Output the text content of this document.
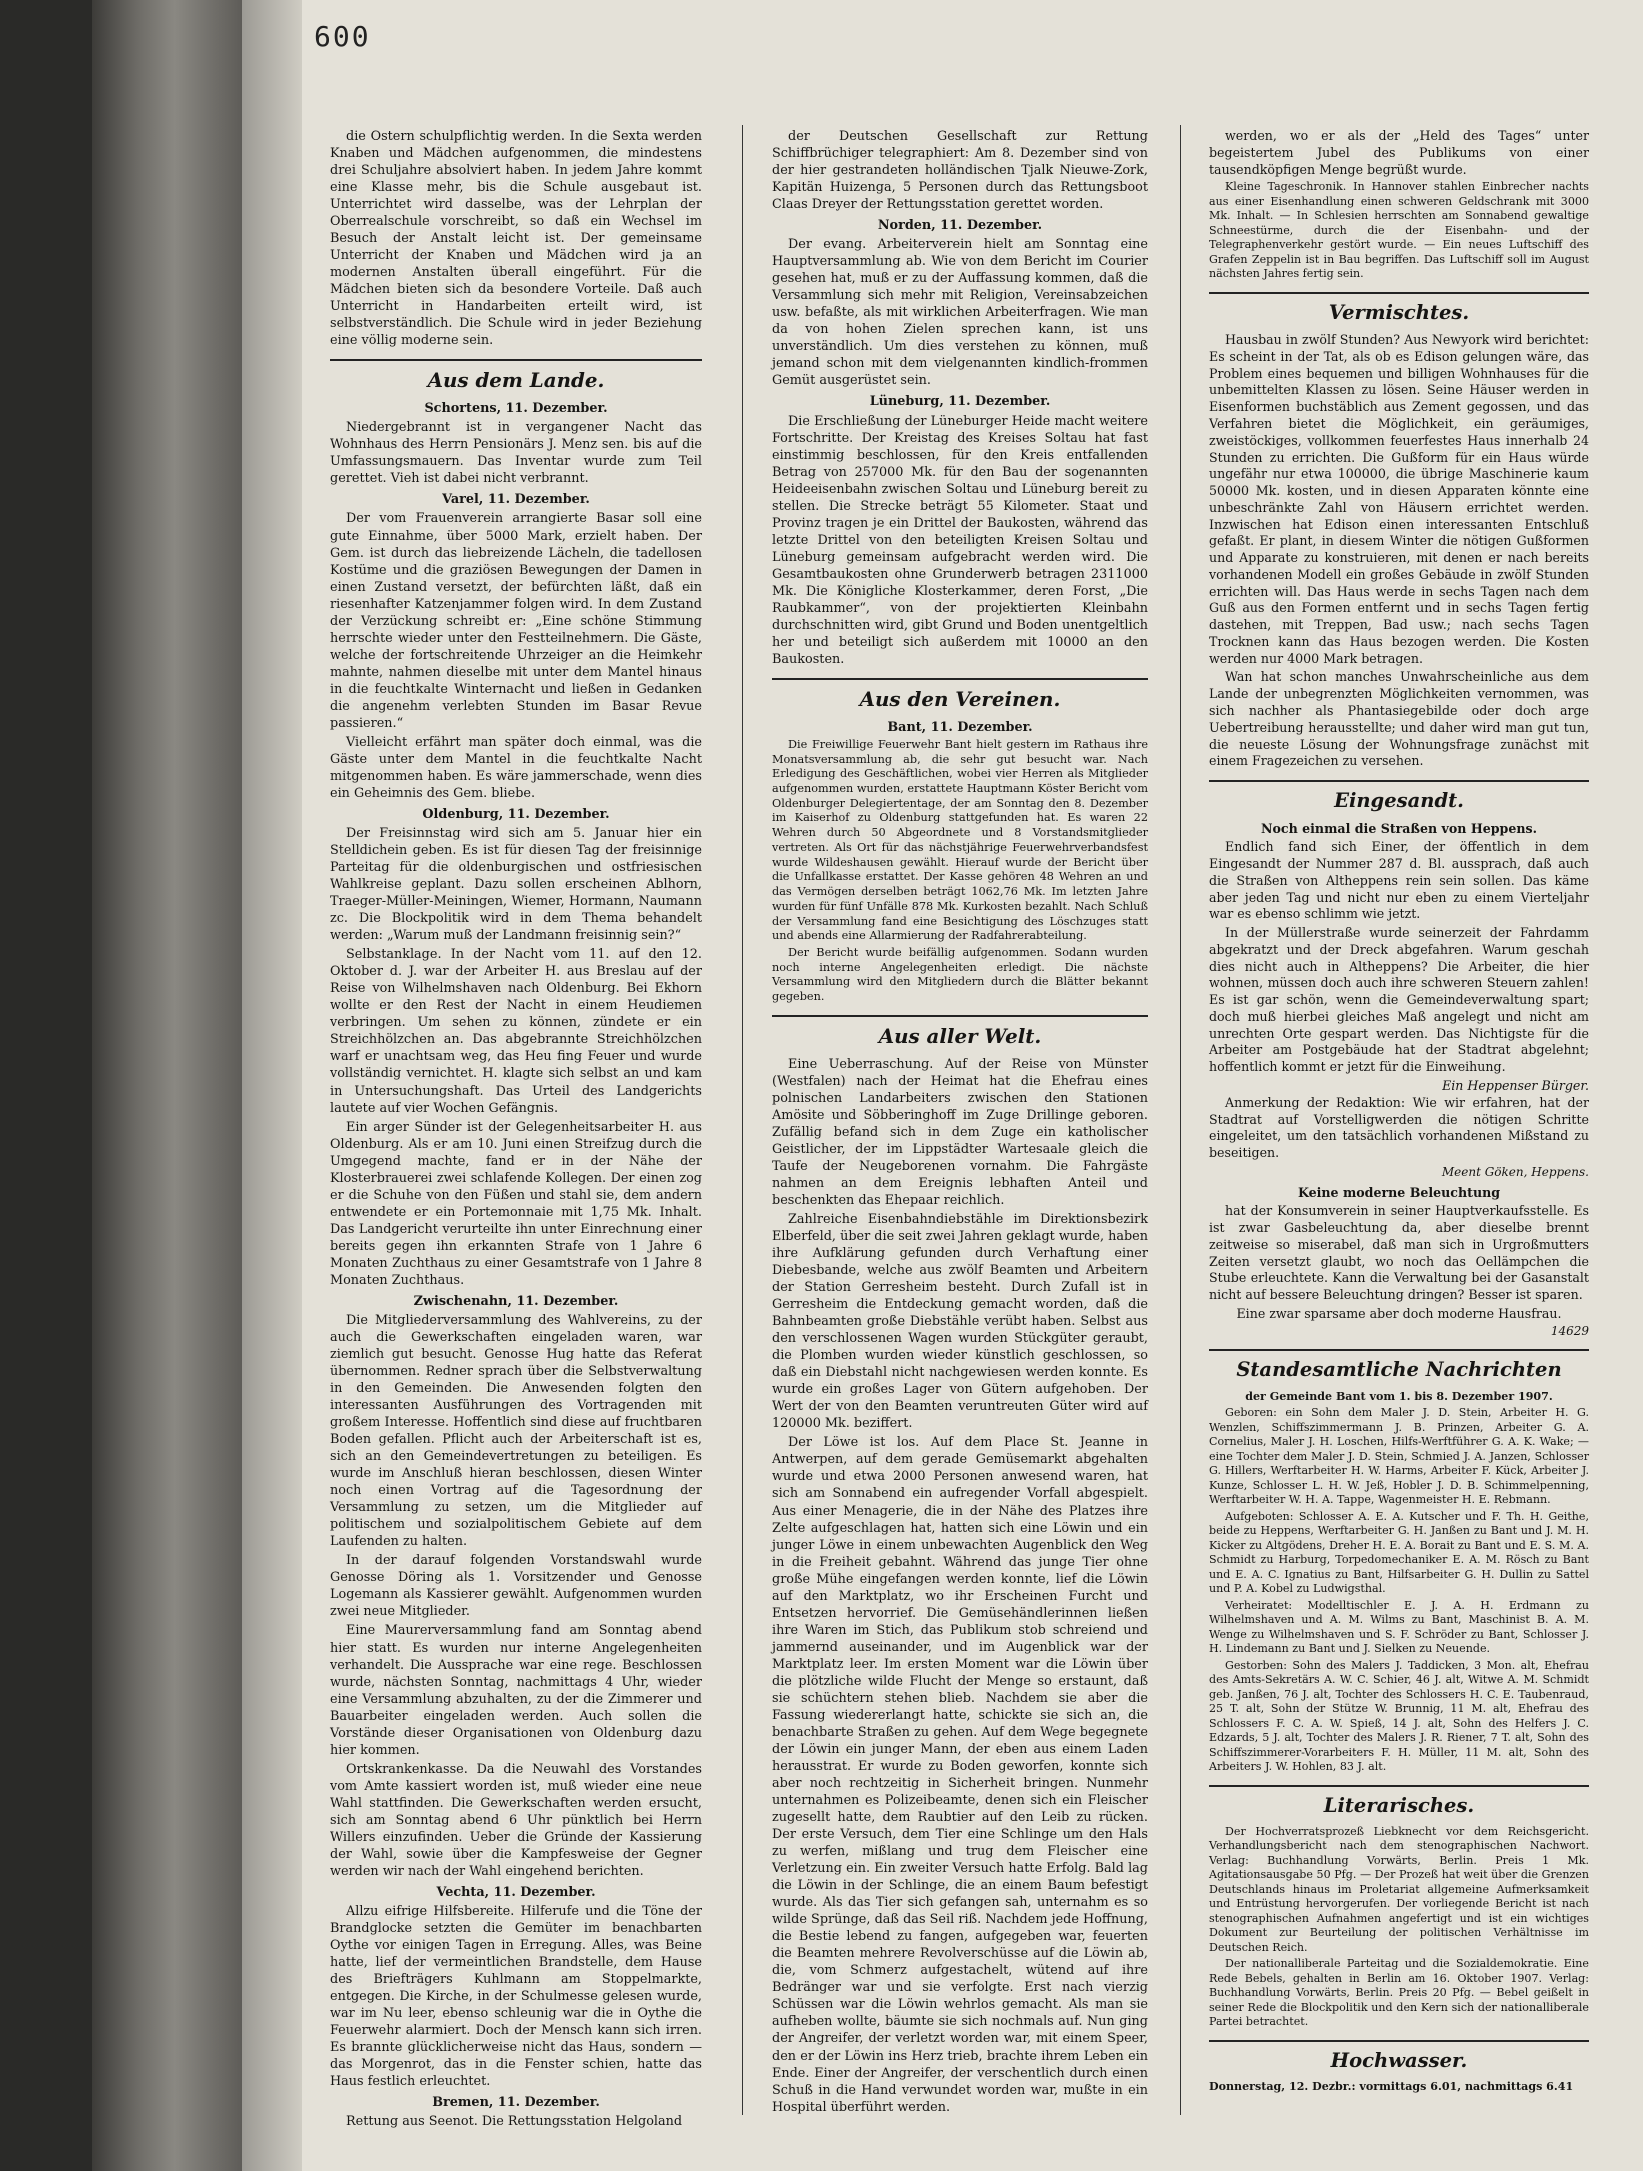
600

die Ostern schulpflichtig werden. In die Sexta werden Knaben und Mädchen aufgenommen, die mindestens drei Schuljahre absolviert haben. In jedem Jahre kommt eine Klasse mehr, bis die Schule ausgebaut ist. Unterrichtet wird dasselbe, was der Lehrplan der Oberrealschule vorschreibt, so daß ein Wechsel im Besuch der Anstalt leicht ist. Der gemeinsame Unterricht der Knaben und Mädchen wird ja an modernen Anstalten überall eingeführt. Für die Mädchen bieten sich da besondere Vorteile. Daß auch Unterricht in Handarbeiten erteilt wird, ist selbstverständlich. Die Schule wird in jeder Beziehung eine völlig moderne sein.

Aus dem Lande.
Schortens, 11. Dezember.

Niedergebrannt ist in vergangener Nacht das Wohnhaus des Herrn Pensionärs J. Menz sen. bis auf die Umfassungsmauern. Das Inventar wurde zum Teil gerettet. Vieh ist dabei nicht verbrannt.

Varel, 11. Dezember.

Der vom Frauenverein arrangierte Basar soll eine gute Einnahme, über 5000 Mark, erzielt haben. Der Gem. ist durch das liebreizende Lächeln, die tadellosen Kostüme und die graziösen Bewegungen der Damen in einen Zustand versetzt, der befürchten läßt, daß ein riesenhafter Katzenjammer folgen wird. In dem Zustand der Verzückung schreibt er: „Eine schöne Stimmung herrschte wieder unter den Festteilnehmern. Die Gäste, welche der fortschreitende Uhrzeiger an die Heimkehr mahnte, nahmen dieselbe mit unter dem Mantel hinaus in die feuchtkalte Winternacht und ließen in Gedanken die angenehm verlebten Stunden im Basar Revue passieren.“

Vielleicht erfährt man später doch einmal, was die Gäste unter dem Mantel in die feuchtkalte Nacht mitgenommen haben. Es wäre jammerschade, wenn dies ein Geheimnis des Gem. bliebe.

Oldenburg, 11. Dezember.

Der Freisinnstag wird sich am 5. Januar hier ein Stelldichein geben. Es ist für diesen Tag der freisinnige Parteitag für die oldenburgischen und ostfriesischen Wahlkreise geplant. Dazu sollen erscheinen Ablhorn, Traeger-Müller-Meiningen, Wiemer, Hormann, Naumann zc. Die Blockpolitik wird in dem Thema behandelt werden: „Warum muß der Landmann freisinnig sein?“

Selbstanklage. In der Nacht vom 11. auf den 12. Oktober d. J. war der Arbeiter H. aus Breslau auf der Reise von Wilhelmshaven nach Oldenburg. Bei Ekhorn wollte er den Rest der Nacht in einem Heudiemen verbringen. Um sehen zu können, zündete er ein Streichhölzchen an. Das abgebrannte Streichhölzchen warf er unachtsam weg, das Heu fing Feuer und wurde vollständig vernichtet. H. klagte sich selbst an und kam in Untersuchungshaft. Das Urteil des Landgerichts lautete auf vier Wochen Gefängnis.

Ein arger Sünder ist der Gelegenheitsarbeiter H. aus Oldenburg. Als er am 10. Juni einen Streifzug durch die Umgegend machte, fand er in der Nähe der Klosterbrauerei zwei schlafende Kollegen. Der einen zog er die Schuhe von den Füßen und stahl sie, dem andern entwendete er ein Portemonnaie mit 1,75 Mk. Inhalt. Das Landgericht verurteilte ihn unter Einrechnung einer bereits gegen ihn erkannten Strafe von 1 Jahre 6 Monaten Zuchthaus zu einer Gesamtstrafe von 1 Jahre 8 Monaten Zuchthaus.

Zwischenahn, 11. Dezember.

Die Mitgliederversammlung des Wahlvereins, zu der auch die Gewerkschaften eingeladen waren, war ziemlich gut besucht. Genosse Hug hatte das Referat übernommen. Redner sprach über die Selbstverwaltung in den Gemeinden. Die Anwesenden folgten den interessanten Ausführungen des Vortragenden mit großem Interesse. Hoffentlich sind diese auf fruchtbaren Boden gefallen. Pflicht auch der Arbeiterschaft ist es, sich an den Gemeindevertretungen zu beteiligen. Es wurde im Anschluß hieran beschlossen, diesen Winter noch einen Vortrag auf die Tagesordnung der Versammlung zu setzen, um die Mitglieder auf politischem und sozialpolitischem Gebiete auf dem Laufenden zu halten.

In der darauf folgenden Vorstandswahl wurde Genosse Döring als 1. Vorsitzender und Genosse Logemann als Kassierer gewählt. Aufgenommen wurden zwei neue Mitglieder.

Eine Maurerversammlung fand am Sonntag abend hier statt. Es wurden nur interne Angelegenheiten verhandelt. Die Aussprache war eine rege. Beschlossen wurde, nächsten Sonntag, nachmittags 4 Uhr, wieder eine Versammlung abzuhalten, zu der die Zimmerer und Bauarbeiter eingeladen werden. Auch sollen die Vorstände dieser Organisationen von Oldenburg dazu hier kommen.

Ortskrankenkasse. Da die Neuwahl des Vorstandes vom Amte kassiert worden ist, muß wieder eine neue Wahl stattfinden. Die Gewerkschaften werden ersucht, sich am Sonntag abend 6 Uhr pünktlich bei Herrn Willers einzufinden. Ueber die Gründe der Kassierung der Wahl, sowie über die Kampfesweise der Gegner werden wir nach der Wahl eingehend berichten.

Vechta, 11. Dezember.

Allzu eifrige Hilfsbereite. Hilferufe und die Töne der Brandglocke setzten die Gemüter im benachbarten Oythe vor einigen Tagen in Erregung. Alles, was Beine hatte, lief der vermeintlichen Brandstelle, dem Hause des Briefträgers Kuhlmann am Stoppelmarkte, entgegen. Die Kirche, in der Schulmesse gelesen wurde, war im Nu leer, ebenso schleunig war die in Oythe die Feuerwehr alarmiert. Doch der Mensch kann sich irren. Es brannte glücklicherweise nicht das Haus, sondern — das Morgenrot, das in die Fenster schien, hatte das Haus festlich erleuchtet.

Bremen, 11. Dezember.

Rettung aus Seenot. Die Rettungsstation Helgoland

der Deutschen Gesellschaft zur Rettung Schiffbrüchiger telegraphiert: Am 8. Dezember sind von der hier gestrandeten holländischen Tjalk Nieuwe-Zork, Kapitän Huizenga, 5 Personen durch das Rettungsboot Claas Dreyer der Rettungsstation gerettet worden.

Norden, 11. Dezember.

Der evang. Arbeiterverein hielt am Sonntag eine Hauptversammlung ab. Wie von dem Bericht im Courier gesehen hat, muß er zu der Auffassung kommen, daß die Versammlung sich mehr mit Religion, Vereinsabzeichen usw. befaßte, als mit wirklichen Arbeiterfragen. Wie man da von hohen Zielen sprechen kann, ist uns unverständlich. Um dies verstehen zu können, muß jemand schon mit dem vielgenannten kindlich-frommen Gemüt ausgerüstet sein.

Lüneburg, 11. Dezember.

Die Erschließung der Lüneburger Heide macht weitere Fortschritte. Der Kreistag des Kreises Soltau hat fast einstimmig beschlossen, für den Kreis entfallenden Betrag von 257000 Mk. für den Bau der sogenannten Heideeisenbahn zwischen Soltau und Lüneburg bereit zu stellen. Die Strecke beträgt 55 Kilometer. Staat und Provinz tragen je ein Drittel der Baukosten, während das letzte Drittel von den beteiligten Kreisen Soltau und Lüneburg gemeinsam aufgebracht werden wird. Die Gesamtbaukosten ohne Grunderwerb betragen 2311000 Mk. Die Königliche Klosterkammer, deren Forst, „Die Raubkammer“, von der projektierten Kleinbahn durchschnitten wird, gibt Grund und Boden unentgeltlich her und beteiligt sich außerdem mit 10000 an den Baukosten.

Aus den Vereinen.
Bant, 11. Dezember.

Die Freiwillige Feuerwehr Bant hielt gestern im Rathaus ihre Monatsversammlung ab, die sehr gut besucht war. Nach Erledigung des Geschäftlichen, wobei vier Herren als Mitglieder aufgenommen wurden, erstattete Hauptmann Köster Bericht vom Oldenburger Delegiertentage, der am Sonntag den 8. Dezember im Kaiserhof zu Oldenburg stattgefunden hat. Es waren 22 Wehren durch 50 Abgeordnete und 8 Vorstandsmitglieder vertreten. Als Ort für das nächstjährige Feuerwehrverbandsfest wurde Wildeshausen gewählt. Hierauf wurde der Bericht über die Unfallkasse erstattet. Der Kasse gehören 48 Wehren an und das Vermögen derselben beträgt 1062,76 Mk. Im letzten Jahre wurden für fünf Unfälle 878 Mk. Kurkosten bezahlt. Nach Schluß der Versammlung fand eine Besichtigung des Löschzuges statt und abends eine Allarmierung der Radfahrerabteilung.

Der Bericht wurde beifällig aufgenommen. Sodann wurden noch interne Angelegenheiten erledigt. Die nächste Versammlung wird den Mitgliedern durch die Blätter bekannt gegeben.

Aus aller Welt.

Eine Ueberraschung. Auf der Reise von Münster (Westfalen) nach der Heimat hat die Ehefrau eines polnischen Landarbeiters zwischen den Stationen Amösite und Söbberinghoff im Zuge Drillinge geboren. Zufällig befand sich in dem Zuge ein katholischer Geistlicher, der im Lippstädter Wartesaale gleich die Taufe der Neugeborenen vornahm. Die Fahrgäste nahmen an dem Ereignis lebhaften Anteil und beschenkten das Ehepaar reichlich.

Zahlreiche Eisenbahndiebstähle im Direktionsbezirk Elberfeld, über die seit zwei Jahren geklagt wurde, haben ihre Aufklärung gefunden durch Verhaftung einer Diebesbande, welche aus zwölf Beamten und Arbeitern der Station Gerresheim besteht. Durch Zufall ist in Gerresheim die Entdeckung gemacht worden, daß die Bahnbeamten große Diebstähle verübt haben. Selbst aus den verschlossenen Wagen wurden Stückgüter geraubt, die Plomben wurden wieder künstlich geschlossen, so daß ein Diebstahl nicht nachgewiesen werden konnte. Es wurde ein großes Lager von Gütern aufgehoben. Der Wert der von den Beamten veruntreuten Güter wird auf 120000 Mk. beziffert.

Der Löwe ist los. Auf dem Place St. Jeanne in Antwerpen, auf dem gerade Gemüsemarkt abgehalten wurde und etwa 2000 Personen anwesend waren, hat sich am Sonnabend ein aufregender Vorfall abgespielt. Aus einer Menagerie, die in der Nähe des Platzes ihre Zelte aufgeschlagen hat, hatten sich eine Löwin und ein junger Löwe in einem unbewachten Augenblick den Weg in die Freiheit gebahnt. Während das junge Tier ohne große Mühe eingefangen werden konnte, lief die Löwin auf den Marktplatz, wo ihr Erscheinen Furcht und Entsetzen hervorrief. Die Gemüsehändlerinnen ließen ihre Waren im Stich, das Publikum stob schreiend und jammernd auseinander, und im Augenblick war der Marktplatz leer. Im ersten Moment war die Löwin über die plötzliche wilde Flucht der Menge so erstaunt, daß sie schüchtern stehen blieb. Nachdem sie aber die Fassung wiedererlangt hatte, schickte sie sich an, die benachbarte Straßen zu gehen. Auf dem Wege begegnete der Löwin ein junger Mann, der eben aus einem Laden herausstrat. Er wurde zu Boden geworfen, konnte sich aber noch rechtzeitig in Sicherheit bringen. Nunmehr unternahmen es Polizeibeamte, denen sich ein Fleischer zugesellt hatte, dem Raubtier auf den Leib zu rücken. Der erste Versuch, dem Tier eine Schlinge um den Hals zu werfen, mißlang und trug dem Fleischer eine Verletzung ein. Ein zweiter Versuch hatte Erfolg. Bald lag die Löwin in der Schlinge, die an einem Baum befestigt wurde. Als das Tier sich gefangen sah, unternahm es so wilde Sprünge, daß das Seil riß. Nachdem jede Hoffnung, die Bestie lebend zu fangen, aufgegeben war, feuerten die Beamten mehrere Revolverschüsse auf die Löwin ab, die, vom Schmerz aufgestachelt, wütend auf ihre Bedränger war und sie verfolgte. Erst nach vierzig Schüssen war die Löwin wehrlos gemacht. Als man sie aufheben wollte, bäumte sie sich nochmals auf. Nun ging der Angreifer, der verletzt worden war, mit einem Speer, den er der Löwin ins Herz trieb, brachte ihrem Leben ein Ende. Einer der Angreifer, der verschentlich durch einen Schuß in die Hand verwundet worden war, mußte in ein Hospital überführt werden.

werden, wo er als der „Held des Tages“ unter begeistertem Jubel des Publikums von einer tausendköpfigen Menge begrüßt wurde.

Kleine Tageschronik. In Hannover stahlen Einbrecher nachts aus einer Eisenhandlung einen schweren Geldschrank mit 3000 Mk. Inhalt. — In Schlesien herrschten am Sonnabend gewaltige Schneestürme, durch die der Eisenbahn- und der Telegraphenverkehr gestört wurde. — Ein neues Luftschiff des Grafen Zeppelin ist in Bau begriffen. Das Luftschiff soll im August nächsten Jahres fertig sein.

Vermischtes.

Hausbau in zwölf Stunden? Aus Newyork wird berichtet: Es scheint in der Tat, als ob es Edison gelungen wäre, das Problem eines bequemen und billigen Wohnhauses für die unbemittelten Klassen zu lösen. Seine Häuser werden in Eisenformen buchstäblich aus Zement gegossen, und das Verfahren bietet die Möglichkeit, ein geräumiges, zweistöckiges, vollkommen feuerfestes Haus innerhalb 24 Stunden zu errichten. Die Gußform für ein Haus würde ungefähr nur etwa 100000, die übrige Maschinerie kaum 50000 Mk. kosten, und in diesen Apparaten könnte eine unbeschränkte Zahl von Häusern errichtet werden. Inzwischen hat Edison einen interessanten Entschluß gefaßt. Er plant, in diesem Winter die nötigen Gußformen und Apparate zu konstruieren, mit denen er nach bereits vorhandenen Modell ein großes Gebäude in zwölf Stunden errichten will. Das Haus werde in sechs Tagen nach dem Guß aus den Formen entfernt und in sechs Tagen fertig dastehen, mit Treppen, Bad usw.; nach sechs Tagen Trocknen kann das Haus bezogen werden. Die Kosten werden nur 4000 Mark betragen.

Wan hat schon manches Unwahrscheinliche aus dem Lande der unbegrenzten Möglichkeiten vernommen, was sich nachher als Phantasiegebilde oder doch arge Uebertreibung herausstellte; und daher wird man gut tun, die neueste Lösung der Wohnungsfrage zunächst mit einem Fragezeichen zu versehen.

Eingesandt.
Noch einmal die Straßen von Heppens.

Endlich fand sich Einer, der öffentlich in dem Eingesandt der Nummer 287 d. Bl. aussprach, daß auch die Straßen von Altheppens rein sein sollen. Das käme aber jeden Tag und nicht nur eben zu einem Vierteljahr war es ebenso schlimm wie jetzt.

In der Müllerstraße wurde seinerzeit der Fahrdamm abgekratzt und der Dreck abgefahren. Warum geschah dies nicht auch in Altheppens? Die Arbeiter, die hier wohnen, müssen doch auch ihre schweren Steuern zahlen! Es ist gar schön, wenn die Gemeindeverwaltung spart; doch muß hierbei gleiches Maß angelegt und nicht am unrechten Orte gespart werden. Das Nichtigste für die Arbeiter am Postgebäude hat der Stadtrat abgelehnt; hoffentlich kommt er jetzt für die Einweihung.

Ein Heppenser Bürger.

Anmerkung der Redaktion: Wie wir erfahren, hat der Stadtrat auf Vorstelligwerden die nötigen Schritte eingeleitet, um den tatsächlich vorhandenen Mißstand zu beseitigen.

Meent Göken, Heppens.
Keine moderne Beleuchtung

hat der Konsumverein in seiner Hauptverkaufsstelle. Es ist zwar Gasbeleuchtung da, aber dieselbe brennt zeitweise so miserabel, daß man sich in Urgroßmutters Zeiten versetzt glaubt, wo noch das Oellämpchen die Stube erleuchtete. Kann die Verwaltung bei der Gasanstalt nicht auf bessere Beleuchtung dringen? Besser ist sparen.

Eine zwar sparsame aber doch moderne Hausfrau.
14629
Standesamtliche Nachrichten
der Gemeinde Bant vom 1. bis 8. Dezember 1907.

Geboren: ein Sohn dem Maler J. D. Stein, Arbeiter H. G. Wenzlen, Schiffszimmermann J. B. Prinzen, Arbeiter G. A. Cornelius, Maler J. H. Loschen, Hilfs-Werftführer G. A. K. Wake; — eine Tochter dem Maler J. D. Stein, Schmied J. A. Janzen, Schlosser G. Hillers, Werftarbeiter H. W. Harms, Arbeiter F. Kück, Arbeiter J. Kunze, Schlosser L. H. W. Jeß, Hobler J. D. B. Schimmelpenning, Werftarbeiter W. H. A. Tappe, Wagenmeister H. E. Rebmann.

Aufgeboten: Schlosser A. E. A. Kutscher und F. Th. H. Geithe, beide zu Heppens, Werftarbeiter G. H. Janßen zu Bant und J. M. H. Kicker zu Altgödens, Dreher H. E. A. Borait zu Bant und E. S. M. A. Schmidt zu Harburg, Torpedomechaniker E. A. M. Rösch zu Bant und E. A. C. Ignatius zu Bant, Hilfsarbeiter G. H. Dullin zu Sattel und P. A. Kobel zu Ludwigsthal.

Verheiratet: Modelltischler E. J. A. H. Erdmann zu Wilhelmshaven und A. M. Wilms zu Bant, Maschinist B. A. M. Wenge zu Wilhelmshaven und S. F. Schröder zu Bant, Schlosser J. H. Lindemann zu Bant und J. Sielken zu Neuende.

Gestorben: Sohn des Malers J. Taddicken, 3 Mon. alt, Ehefrau des Amts-Sekretärs A. W. C. Schier, 46 J. alt, Witwe A. M. Schmidt geb. Janßen, 76 J. alt, Tochter des Schlossers H. C. E. Taubenraud, 25 T. alt, Sohn der Stütze W. Brunnig, 11 M. alt, Ehefrau des Schlossers F. C. A. W. Spieß, 14 J. alt, Sohn des Helfers J. C. Edzards, 5 J. alt, Tochter des Malers J. R. Riener, 7 T. alt, Sohn des Schiffszimmerer-Vorarbeiters F. H. Müller, 11 M. alt, Sohn des Arbeiters J. W. Hohlen, 83 J. alt.

Literarisches.

Der Hochverratsprozeß Liebknecht vor dem Reichsgericht. Verhandlungsbericht nach dem stenographischen Nachwort. Verlag: Buchhandlung Vorwärts, Berlin. Preis 1 Mk. Agitationsausgabe 50 Pfg. — Der Prozeß hat weit über die Grenzen Deutschlands hinaus im Proletariat allgemeine Aufmerksamkeit und Entrüstung hervorgerufen. Der vorliegende Bericht ist nach stenographischen Aufnahmen angefertigt und ist ein wichtiges Dokument zur Beurteilung der politischen Verhältnisse im Deutschen Reich.

Der nationalliberale Parteitag und die Sozialdemokratie. Eine Rede Bebels, gehalten in Berlin am 16. Oktober 1907. Verlag: Buchhandlung Vorwärts, Berlin. Preis 20 Pfg. — Bebel geißelt in seiner Rede die Blockpolitik und den Kern sich der nationalliberale Partei betrachtet.

Hochwasser.
Donnerstag, 12. Dezbr.: vormittags 6.01, nachmittags 6.41
